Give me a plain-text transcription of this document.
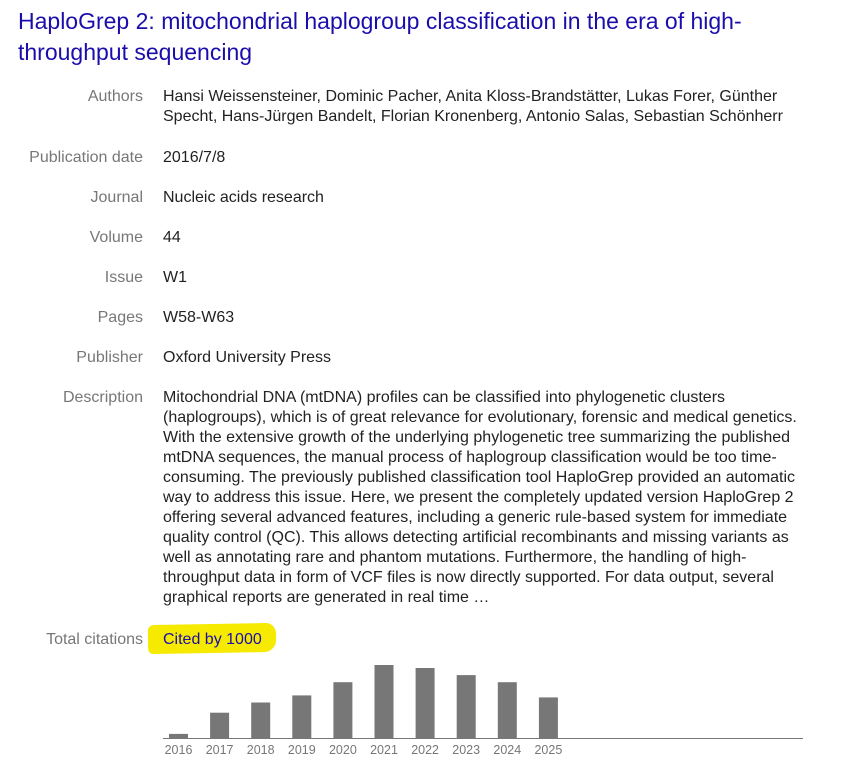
HaploGrep 2: mitochondrial haplogroup classification in the era of high-throughput sequencing
Authors Hansi Weissensteiner, Dominic Pacher, Anita Kloss-Brandstätter, Lukas Forer, Günther Specht, Hans-Jürgen Bandelt, Florian Kronenberg, Antonio Salas, Sebastian Schönherr
Publication date 2016/7/8
Journal Nucleic acids research
Volume 44
Issue W1
Pages W58-W63
Publisher Oxford University Press
Description Mitochondrial DNA (mtDNA) profiles can be classified into phylogenetic clusters (haplogroups), which is of great relevance for evolutionary, forensic and medical genetics. With the extensive growth of the underlying phylogenetic tree summarizing the published mtDNA sequences, the manual process of haplogroup classification would be too time-consuming. The previously published classification tool HaploGrep provided an automatic way to address this issue. Here, we present the completely updated version HaploGrep 2 offering several advanced features, including a generic rule-based system for immediate quality control (QC). This allows detecting artificial recombinants and missing variants as well as annotating rare and phantom mutations. Furthermore, the handling of high-throughput data in form of VCF files is now directly supported. For data output, several graphical reports are generated in real time …
Total citations Cited by 1000
2016 2017 2018 2019 2020 2021 2022 2023 2024 2025
